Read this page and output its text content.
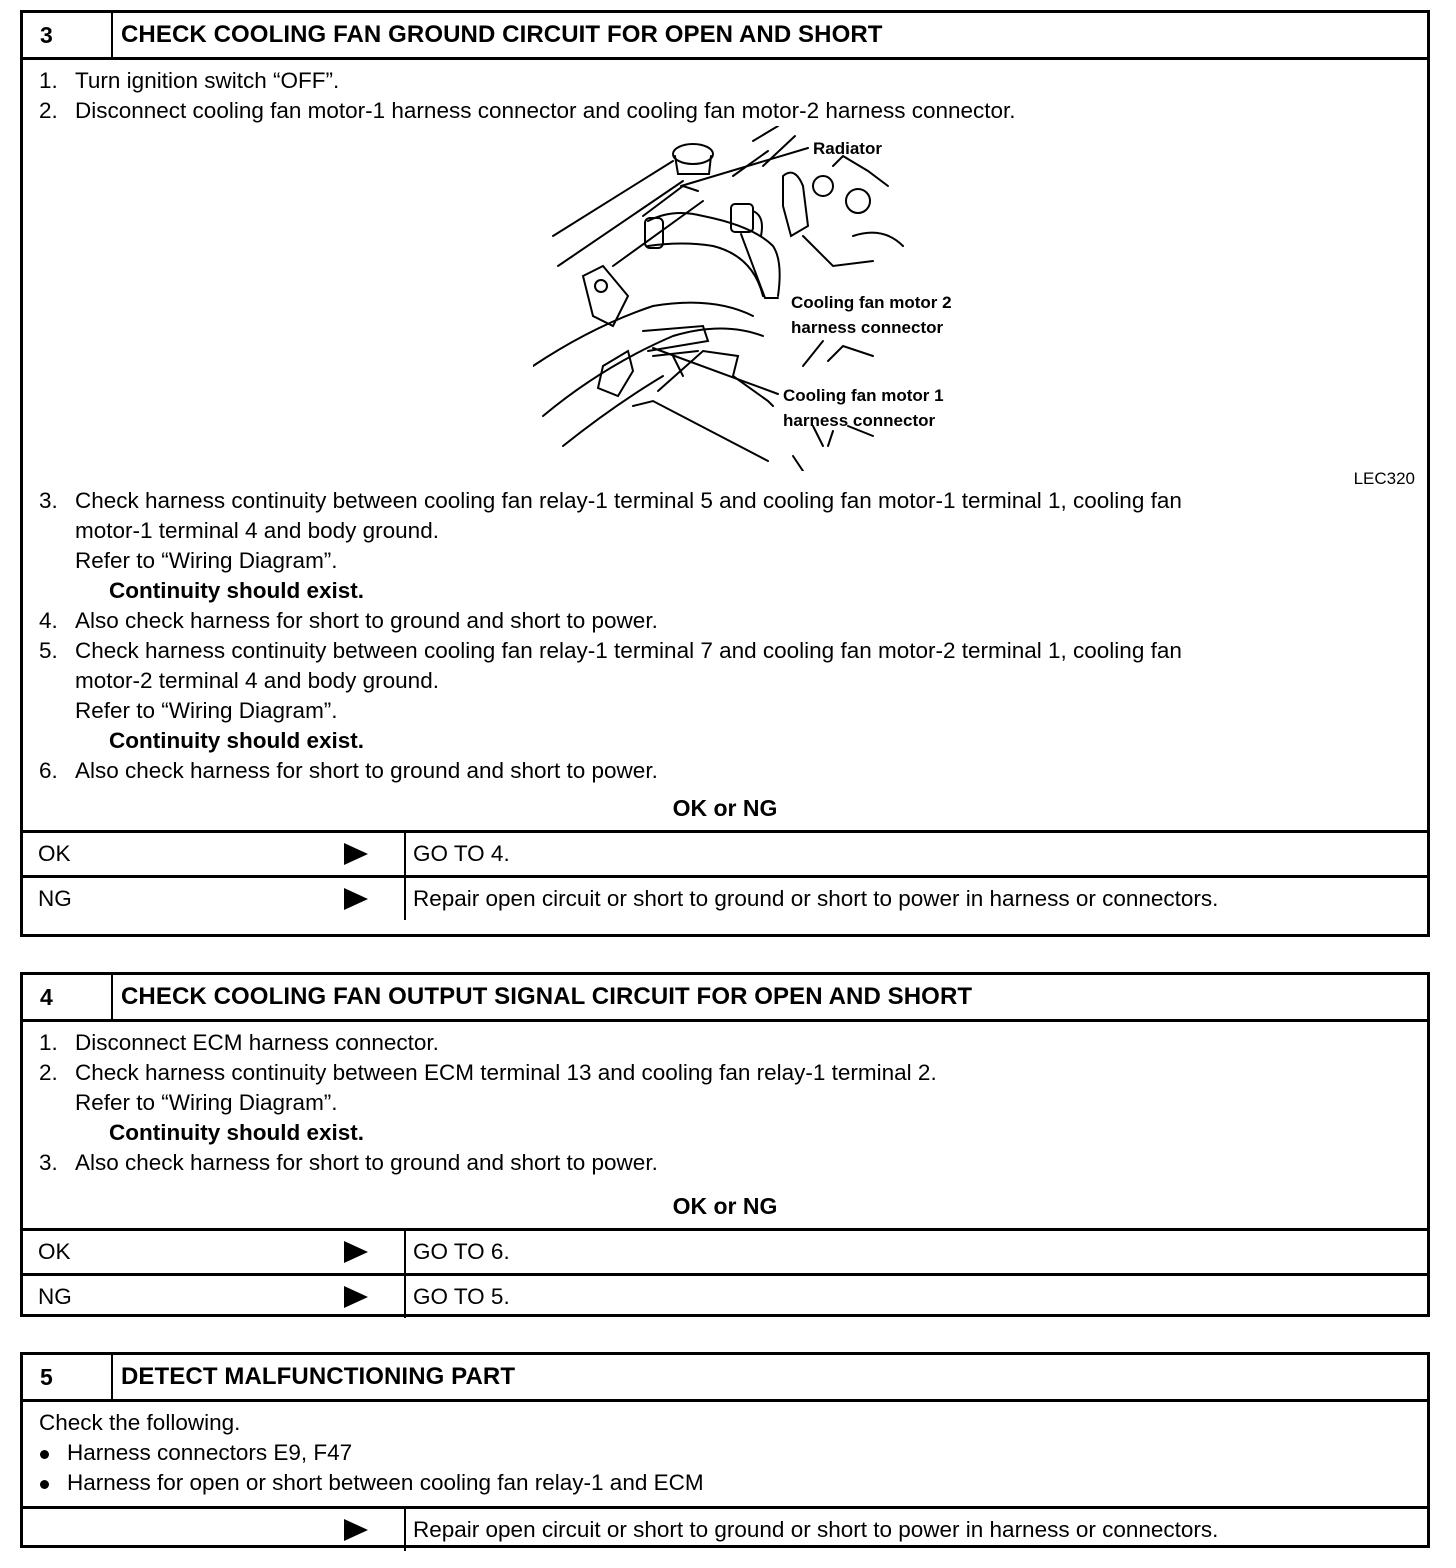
3	CHECK COOLING FAN GROUND CIRCUIT FOR OPEN AND SHORT
1. Turn ignition switch “OFF”.
2. Disconnect cooling fan motor-1 harness connector and cooling fan motor-2 harness connector.
Radiator
Cooling fan motor 2
harness connector
Cooling fan motor 1
harness connector
LEC320
3. Check harness continuity between cooling fan relay-1 terminal 5 and cooling fan motor-1 terminal 1, cooling fan
motor-1 terminal 4 and body ground.
Refer to “Wiring Diagram”.
Continuity should exist.
4. Also check harness for short to ground and short to power.
5. Check harness continuity between cooling fan relay-1 terminal 7 and cooling fan motor-2 terminal 1, cooling fan
motor-2 terminal 4 and body ground.
Refer to “Wiring Diagram”.
Continuity should exist.
6. Also check harness for short to ground and short to power.
OK or NG
OK	GO TO 4.
NG	Repair open circuit or short to ground or short to power in harness or connectors.
4	CHECK COOLING FAN OUTPUT SIGNAL CIRCUIT FOR OPEN AND SHORT
1. Disconnect ECM harness connector.
2. Check harness continuity between ECM terminal 13 and cooling fan relay-1 terminal 2.
Refer to “Wiring Diagram”.
Continuity should exist.
3. Also check harness for short to ground and short to power.
OK or NG
OK	GO TO 6.
NG	GO TO 5.
5	DETECT MALFUNCTIONING PART
Check the following.
Harness connectors E9, F47
Harness for open or short between cooling fan relay-1 and ECM
Repair open circuit or short to ground or short to power in harness or connectors.
